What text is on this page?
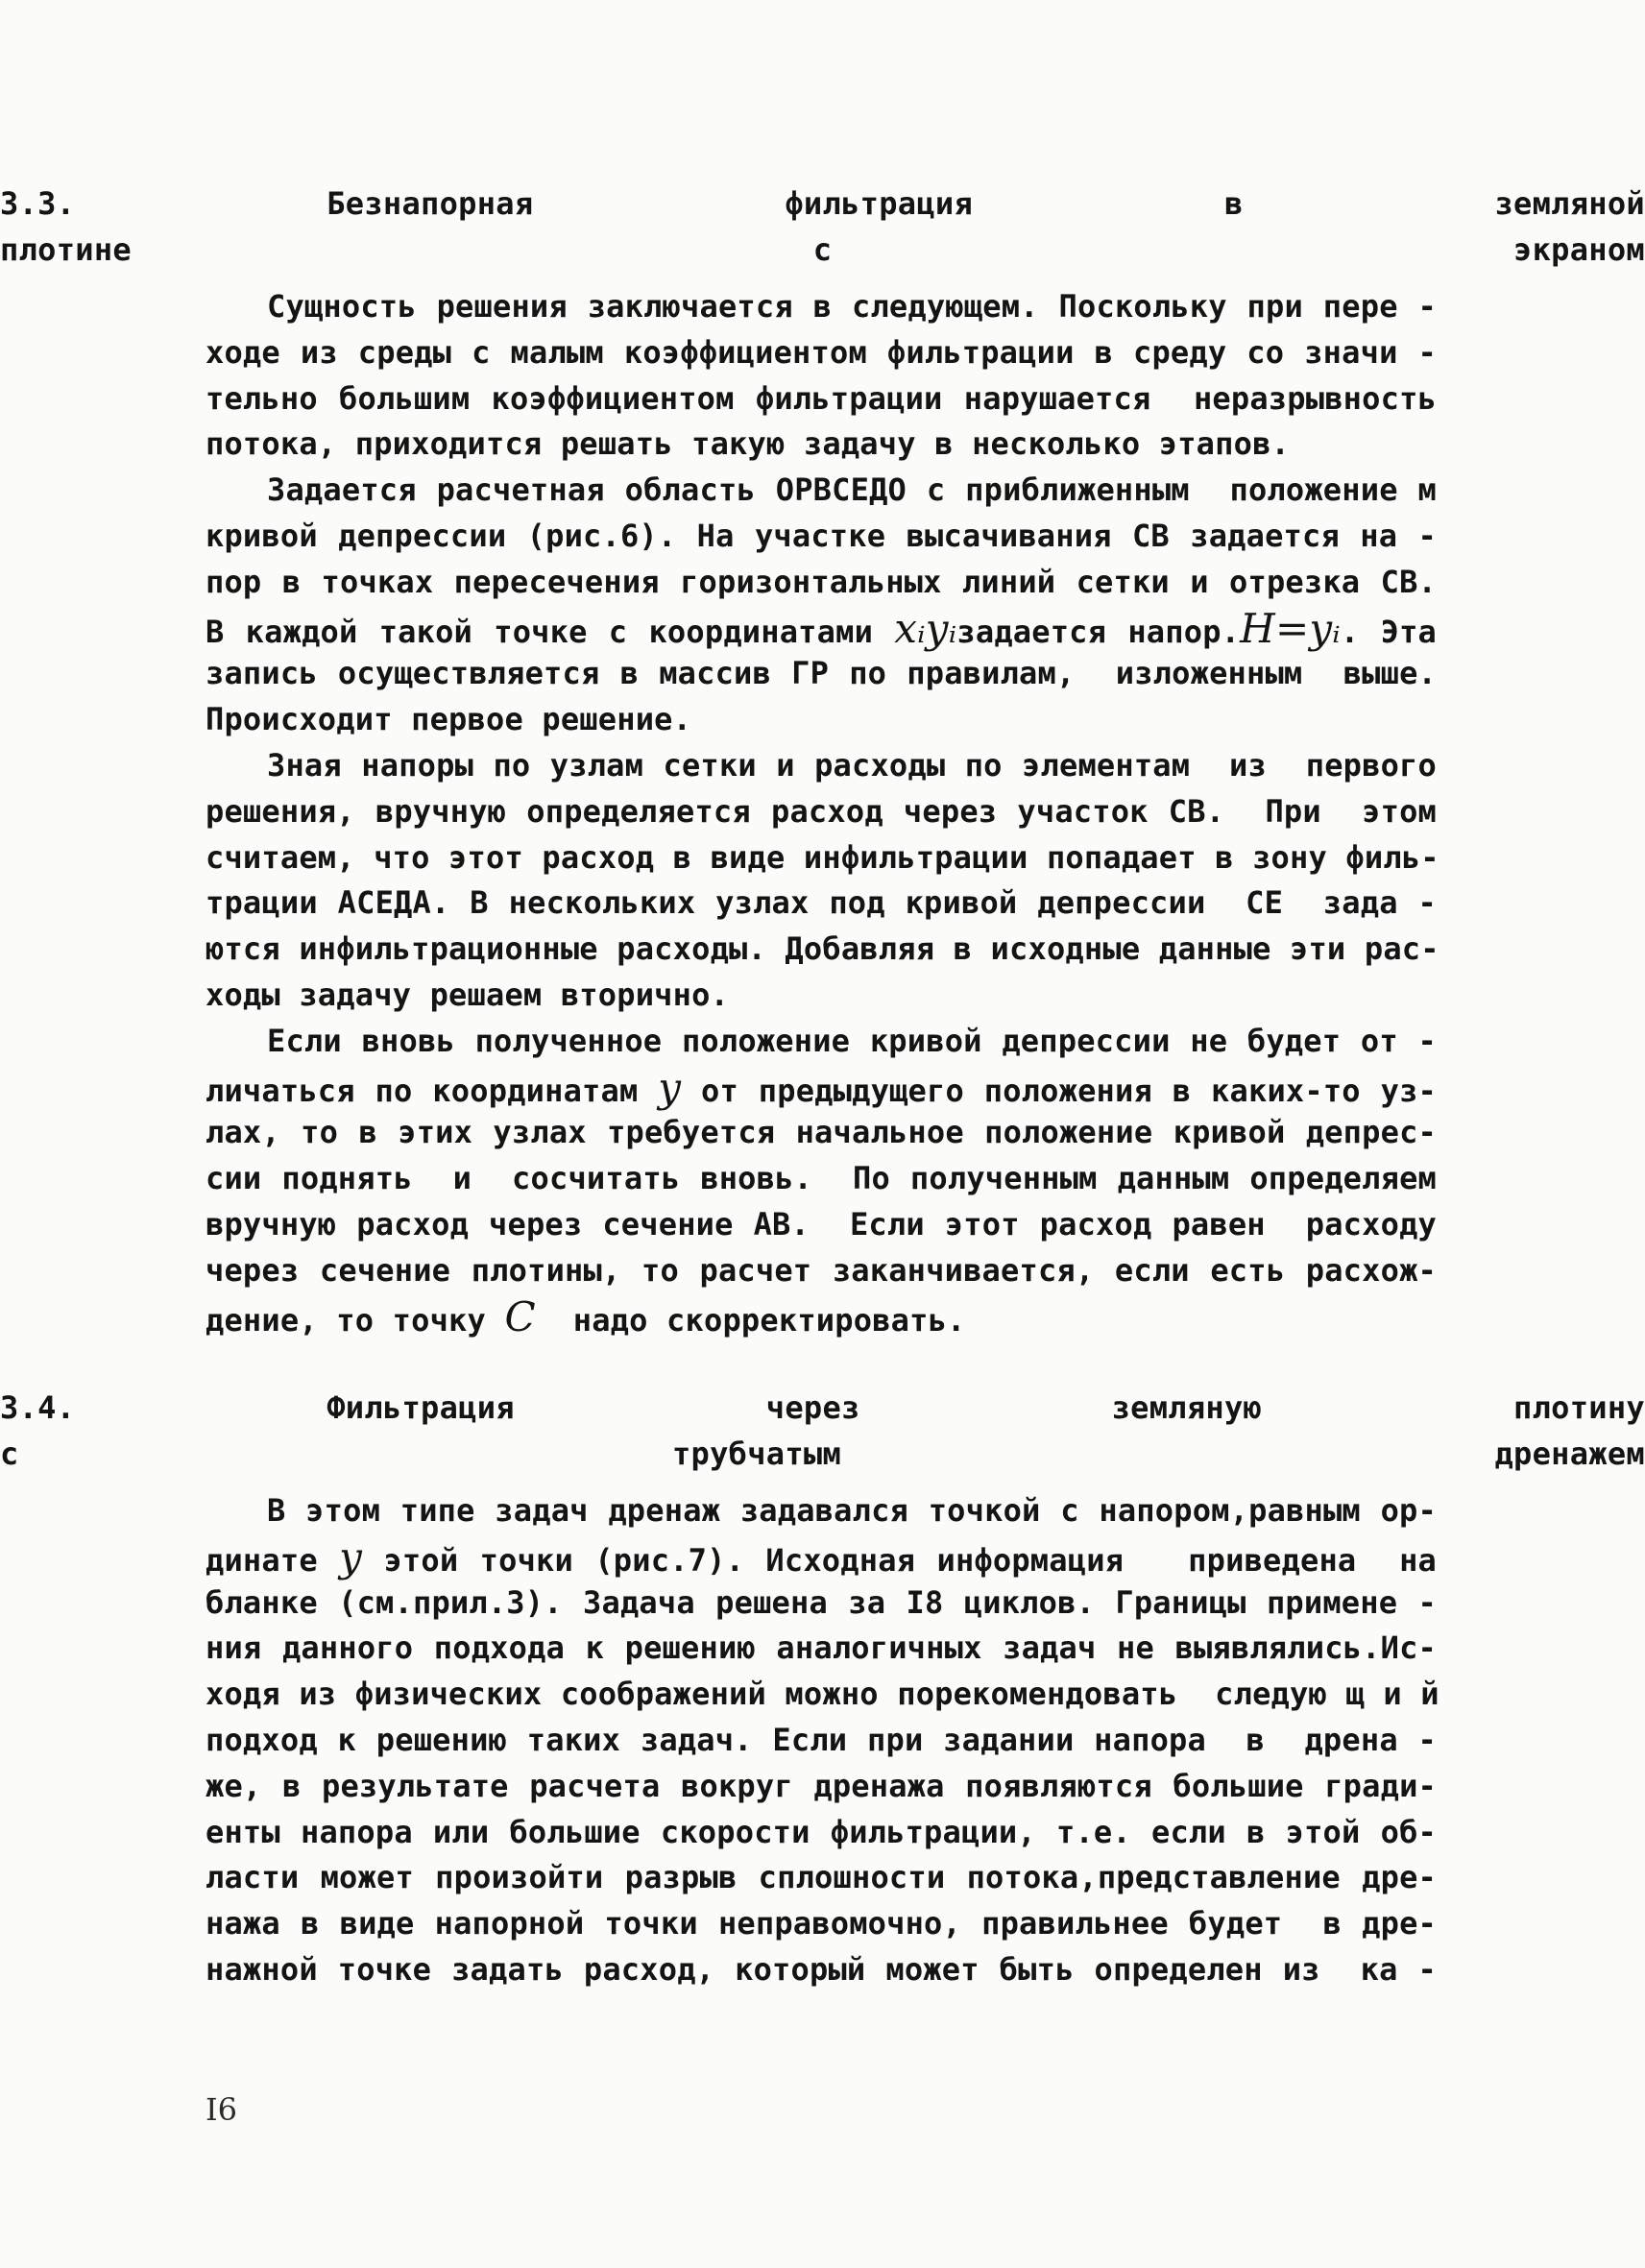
3.3. Безнапорная фильтрация в земляной
плотине с экраном
Сущность решения заключается в следующем. Поскольку при пере -
ходе из среды с малым коэффициентом фильтрации в среду со значи -
тельно большим коэффициентом фильтрации нарушается  неразрывность
потока, приходится решать такую задачу в несколько этапов.
Задается расчетная область ОРВСЕДО с приближенным  положение м
кривой депрессии (рис.6). На участке высачивания СВ задается на -
пор в точках пересечения горизонтальных линий сетки и отрезка СВ.
В каждой такой точке с координатами xᵢyᵢзадается напор.H=yᵢ. Эта
запись осуществляется в массив ГР по правилам,  изложенным  выше.
Происходит первое решение.
Зная напоры по узлам сетки и расходы по элементам  из  первого
решения, вручную определяется расход через участок СВ.  При  этом
считаем, что этот расход в виде инфильтрации попадает в зону филь-
трации АСЕДА. В нескольких узлах под кривой депрессии  СЕ  зада -
ются инфильтрационные расходы. Добавляя в исходные данные эти рас-
ходы задачу решаем вторично.
Если вновь полученное положение кривой депрессии не будет от -
личаться по координатам y от предыдущего положения в каких-то уз-
лах, то в этих узлах требуется начальное положение кривой депрес-
сии поднять  и  сосчитать вновь.  По полученным данным определяем
вручную расход через сечение АВ.  Если этот расход равен  расходу
через сечение плотины, то расчет заканчивается, если есть расхож-
дение, то точку C  надо скорректировать.
3.4. Фильтрация через земляную плотину
с трубчатым дренажем
В этом типе задач дренаж задавался точкой с напором,равным ор-
динате y этой точки (рис.7). Исходная информация   приведена  на
бланке (см.прил.3). Задача решена за I8 циклов. Границы примене -
ния данного подхода к решению аналогичных задач не выявлялись.Ис-
ходя из физических соображений можно порекомендовать  следую щ и й
подход к решению таких задач. Если при задании напора  в  дрена -
же, в результате расчета вокруг дренажа появляются большие гради-
енты напора или большие скорости фильтрации, т.е. если в этой об-
ласти может произойти разрыв сплошности потока,представление дре-
нажа в виде напорной точки неправомочно, правильнее будет  в дре-
нажной точке задать расход, который может быть определен из  ка -
I6
